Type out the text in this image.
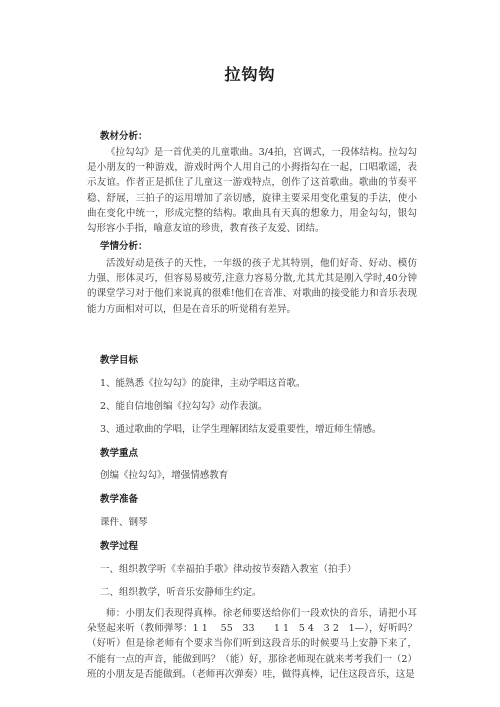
拉钩钩
教材分析：

《拉勾勾》是一首优美的儿童歌曲。3/4拍，宫调式，一段体结构。拉勾勾是小朋友的一种游戏，游戏时两个人用自己的小拇指勾在一起，口唱歌谣，表示友谊。作者正是抓住了儿童这一游戏特点，创作了这首歌曲。歌曲的节奏平稳、舒展，三拍子的运用增加了亲切感，旋律主要采用变化重复的手法，使小曲在变化中统一，形成完整的结构。歌曲具有天真的想象力，用金勾勾，银勾勾形容小手指，喻意友谊的珍贵，教育孩子友爱、团结。

学情分析：

活泼好动是孩子的天性，一年级的孩子尤其特别，他们好奇、好动、模仿力强、形体灵巧，但容易易疲劳,注意力容易分散,尤其尤其是刚入学时,40分钟的课堂学习对于他们来说真的很难!他们在音准、对歌曲的接受能力和音乐表现能力方面相对可以，但是在音乐的听觉稍有差异。

教学目标
1、能熟悉《拉勾勾》的旋律，主动学唱这首歌。
2、能自信地创编《拉勾勾》动作表演。
3、通过歌曲的学唱，让学生理解团结友爱重要性，增近师生情感。
教学重点
创编《拉勾勾》，增强情感教育
教学准备
课件、钢琴
教学过程
一、组织教学听《幸福拍手歌》律动按节奏踏入教室（拍手）
二、组织教学，听音乐安静师生约定。

师：小朋友们表现得真棒。徐老师要送给你们一段欢快的音乐，请把小耳朵竖起来听（教师弹琴：1 1　 55　33　　1 1　5 4　3 2　1—），好听吗？（好听）但是徐老师有个要求当你们听到这段音乐的时候要马上安静下来了，不能有一点的声音，能做到吗？（能）好，那徐老师现在就来考考我们一（2）班的小朋友是否能做到。（老师再次弹奏）哇，做得真棒，记住这段音乐，这是
